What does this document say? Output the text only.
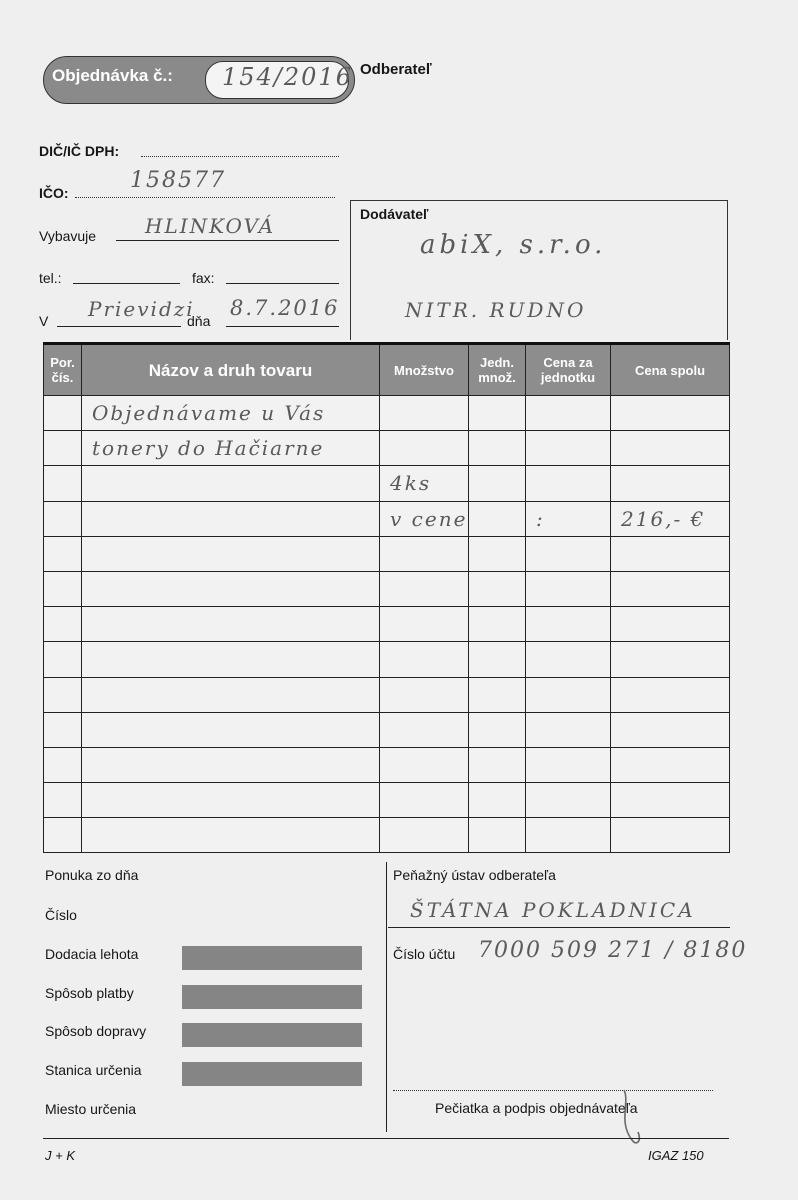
Objednávka č.: 154/2016 Odberateľ
DIČ/IČ DPH:
IČO:	158577
Vybavuje HLINKOVÁ
tel.:	fax:
V Prievidzi
dňa
8.7.2016
Dodávateľ
abiX, s.r.o.
NITR. RUDNO
Por. čís.	Názov a druh tovaru	Množstvo	Jedn. množ.	Cena za jednotku	Cena spolu
	Objednávame u Vás				
	tonery do Hačiarne				
		4ks			
		v cene		:	216,- €

Ponuka zo dňa
Číslo
Dodacia lehota
Spôsob platby
Spôsob dopravy
Stanica určenia
Miesto určenia
Peňažný ústav odberateľa
ŠTÁTNA POKLADNICA
Číslo účtu 7000 509 271 / 8180
Pečiatka a podpis objednávateľa
J + K	IGAZ 150
